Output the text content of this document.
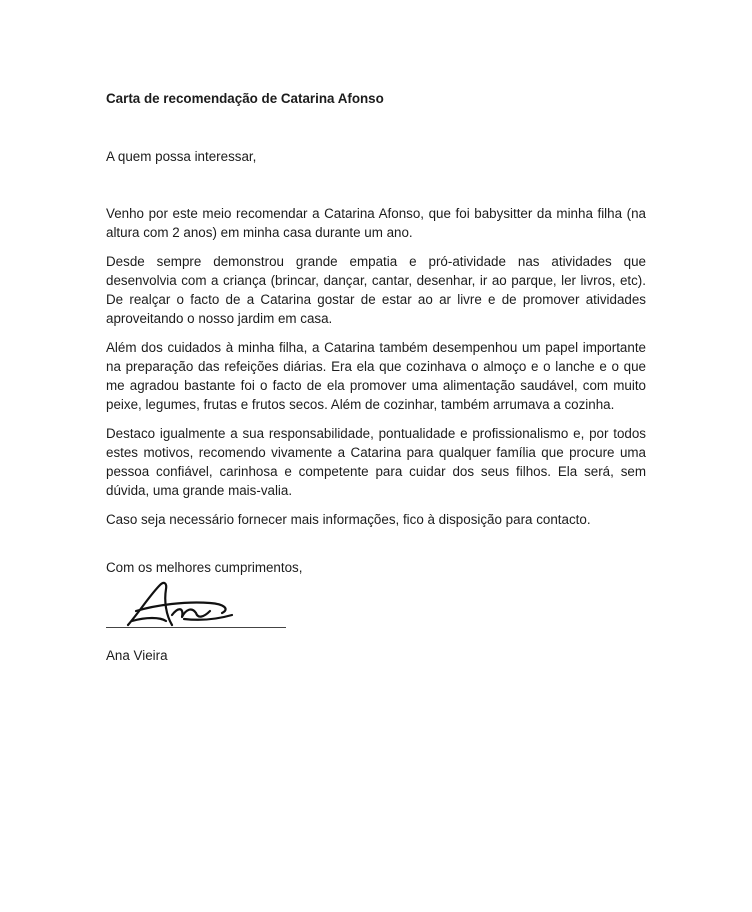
Carta de recomendação de Catarina Afonso

A quem possa interessar,

Venho por este meio recomendar a Catarina Afonso, que foi babysitter da minha filha (na altura com 2 anos) em minha casa durante um ano.

Desde sempre demonstrou grande empatia e pró-atividade nas atividades que desenvolvia com a criança (brincar, dançar, cantar, desenhar, ir ao parque, ler livros, etc). De realçar o facto de a Catarina gostar de estar ao ar livre e de promover atividades aproveitando o nosso jardim em casa.

Além dos cuidados à minha filha, a Catarina também desempenhou um papel importante na preparação das refeições diárias. Era ela que cozinhava o almoço e o lanche e o que me agradou bastante foi o facto de ela promover uma alimentação saudável, com muito peixe, legumes, frutas e frutos secos. Além de cozinhar, também arrumava a cozinha.

Destaco igualmente a sua responsabilidade, pontualidade e profissionalismo e, por todos estes motivos, recomendo vivamente a Catarina para qualquer família que procure uma pessoa confiável, carinhosa e competente para cuidar dos seus filhos. Ela será, sem dúvida, uma grande mais-valia.

Caso seja necessário fornecer mais informações, fico à disposição para contacto.

Com os melhores cumprimentos,

Ana Vieira
